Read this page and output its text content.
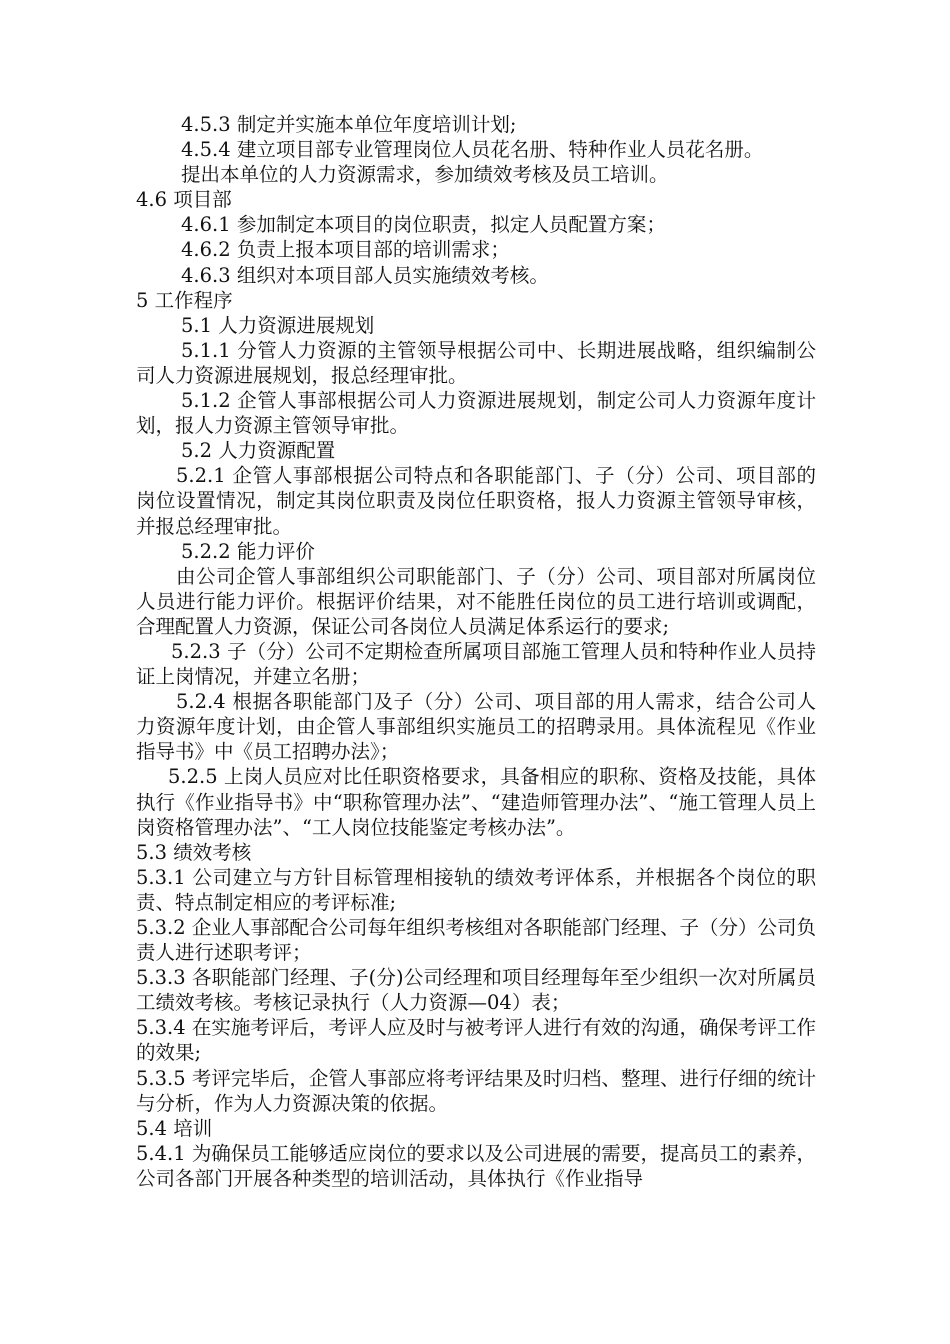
4.5.3 制定并实施本单位年度培训计划;

4.5.4 建立项目部专业管理岗位人员花名册、特种作业人员花名册。

提出本单位的人力资源需求，参加绩效考核及员工培训。

4.6 项目部

4.6.1 参加制定本项目的岗位职责，拟定人员配置方案；

4.6.2 负责上报本项目部的培训需求；

4.6.3 组织对本项目部人员实施绩效考核。

5 工作程序

5.1 人力资源进展规划

5.1.1 分管人力资源的主管领导根据公司中、长期进展战略，组织编制公司人力资源进展规划，报总经理审批。

5.1.2 企管人事部根据公司人力资源进展规划，制定公司人力资源年度计划，报人力资源主管领导审批。

5.2 人力资源配置

5.2.1 企管人事部根据公司特点和各职能部门、子（分）公司、项目部的岗位设置情况，制定其岗位职责及岗位任职资格，报人力资源主管领导审核，并报总经理审批。

5.2.2 能力评价

由公司企管人事部组织公司职能部门、子（分）公司、项目部对所属岗位人员进行能力评价。根据评价结果，对不能胜任岗位的员工进行培训或调配，合理配置人力资源，保证公司各岗位人员满足体系运行的要求;

5.2.3 子（分）公司不定期检查所属项目部施工管理人员和特种作业人员持证上岗情况，并建立名册；

5.2.4 根据各职能部门及子（分）公司、项目部的用人需求，结合公司人力资源年度计划，由企管人事部组织实施员工的招聘录用。具体流程见《作业指导书》中《员工招聘办法》；

5.2.5 上岗人员应对比任职资格要求，具备相应的职称、资格及技能，具体执行《作业指导书》中“职称管理办法”、“建造师管理办法”、“施工管理人员上岗资格管理办法”、“工人岗位技能鉴定考核办法”。

5.3 绩效考核

5.3.1 公司建立与方针目标管理相接轨的绩效考评体系，并根据各个岗位的职责、特点制定相应的考评标准;

5.3.2 企业人事部配合公司每年组织考核组对各职能部门经理、子（分）公司负责人进行述职考评；

5.3.3 各职能部门经理、子(分)公司经理和项目经理每年至少组织一次对所属员工绩效考核。考核记录执行（人力资源—04）表；

5.3.4 在实施考评后，考评人应及时与被考评人进行有效的沟通，确保考评工作的效果;

5.3.5 考评完毕后，企管人事部应将考评结果及时归档、整理、进行仔细的统计与分析，作为人力资源决策的依据。

5.4 培训

5.4.1 为确保员工能够适应岗位的要求以及公司进展的需要，提高员工的素养，公司各部门开展各种类型的培训活动，具体执行《作业指导
